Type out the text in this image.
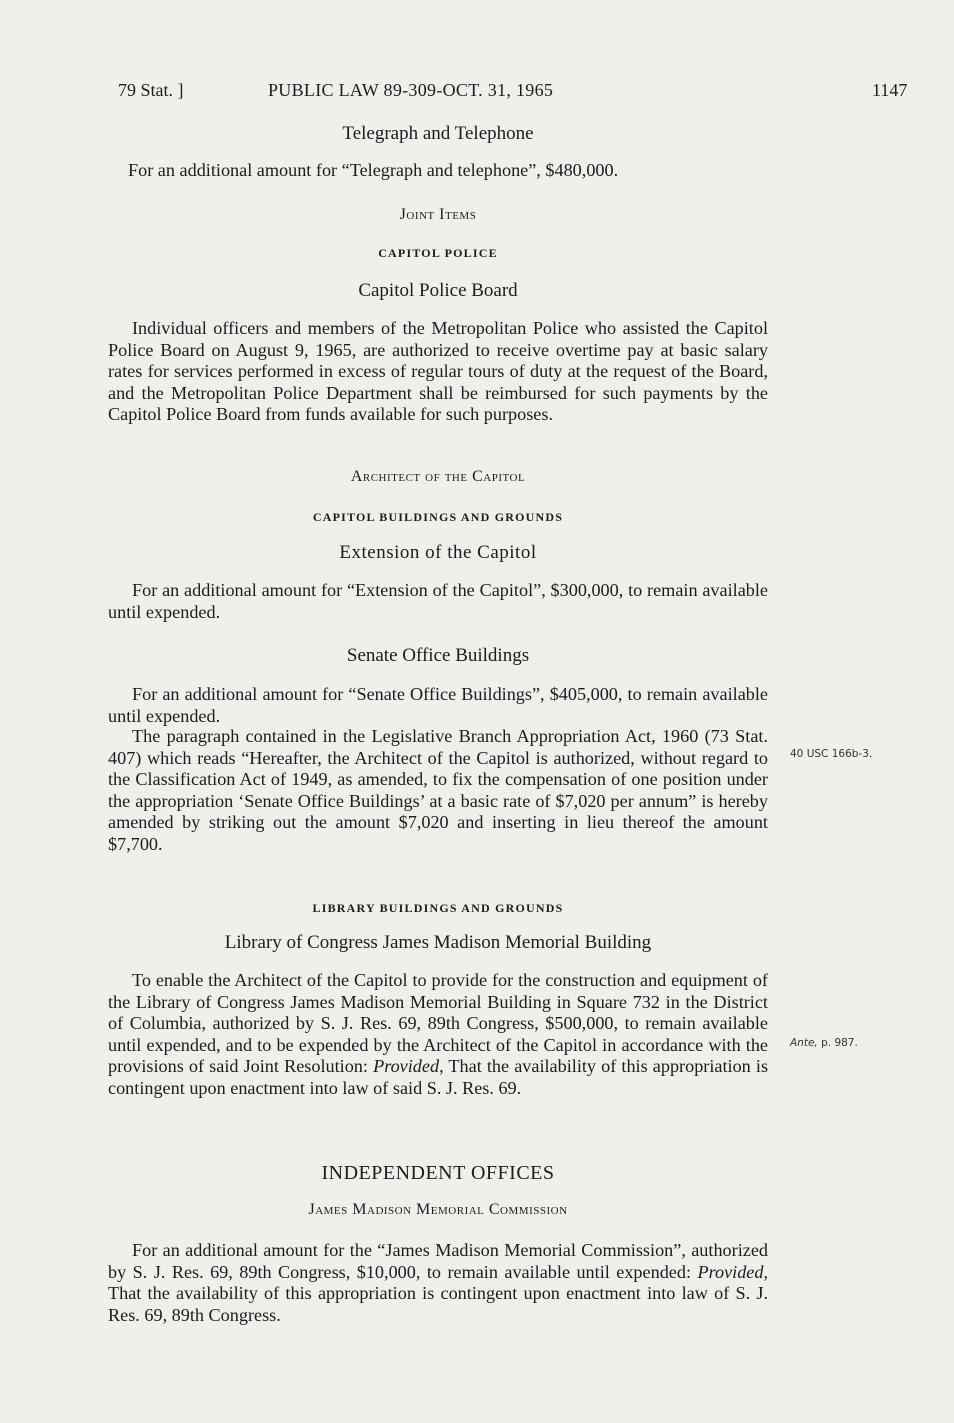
79 Stat. ]	PUBLIC LAW 89-309-OCT. 31, 1965	1147
Telegraph and Telephone
For an additional amount for “Telegraph and telephone”, $480,000.
Joint Items
CAPITOL POLICE
Capitol Police Board
Individual officers and members of the Metropolitan Police who assisted the Capitol Police Board on August 9, 1965, are authorized to receive overtime pay at basic salary rates for services performed in excess of regular tours of duty at the request of the Board, and the Metropolitan Police Department shall be reimbursed for such payments by the Capitol Police Board from funds available for such purposes.
Architect of the Capitol
CAPITOL BUILDINGS AND GROUNDS
Extension of the Capitol
For an additional amount for “Extension of the Capitol”, $300,000, to remain available until expended.
Senate Office Buildings
For an additional amount for “Senate Office Buildings”, $405,000, to remain available until expended.
The paragraph contained in the Legislative Branch Appropriation Act, 1960 (73 Stat. 407) which reads “Hereafter, the Architect of the Capitol is authorized, without regard to the Classification Act of 1949, as amended, to fix the compensation of one position under the appropriation ‘Senate Office Buildings’ at a basic rate of $7,020 per annum” is hereby amended by striking out the amount $7,020 and inserting in lieu thereof the amount $7,700.
40 USC 166b-3.
LIBRARY BUILDINGS AND GROUNDS
Library of Congress James Madison Memorial Building
To enable the Architect of the Capitol to provide for the construction and equipment of the Library of Congress James Madison Memorial Building in Square 732 in the District of Columbia, authorized by S. J. Res. 69, 89th Congress, $500,000, to remain available until expended, and to be expended by the Architect of the Capitol in accordance with the provisions of said Joint Resolution: Provided, That the availability of this appropriation is contingent upon enactment into law of said S. J. Res. 69.
Ante, p. 987.
INDEPENDENT OFFICES
James Madison Memorial Commission
For an additional amount for the “James Madison Memorial Commission”, authorized by S. J. Res. 69, 89th Congress, $10,000, to remain available until expended: Provided, That the availability of this appropriation is contingent upon enactment into law of S. J. Res. 69, 89th Congress.
